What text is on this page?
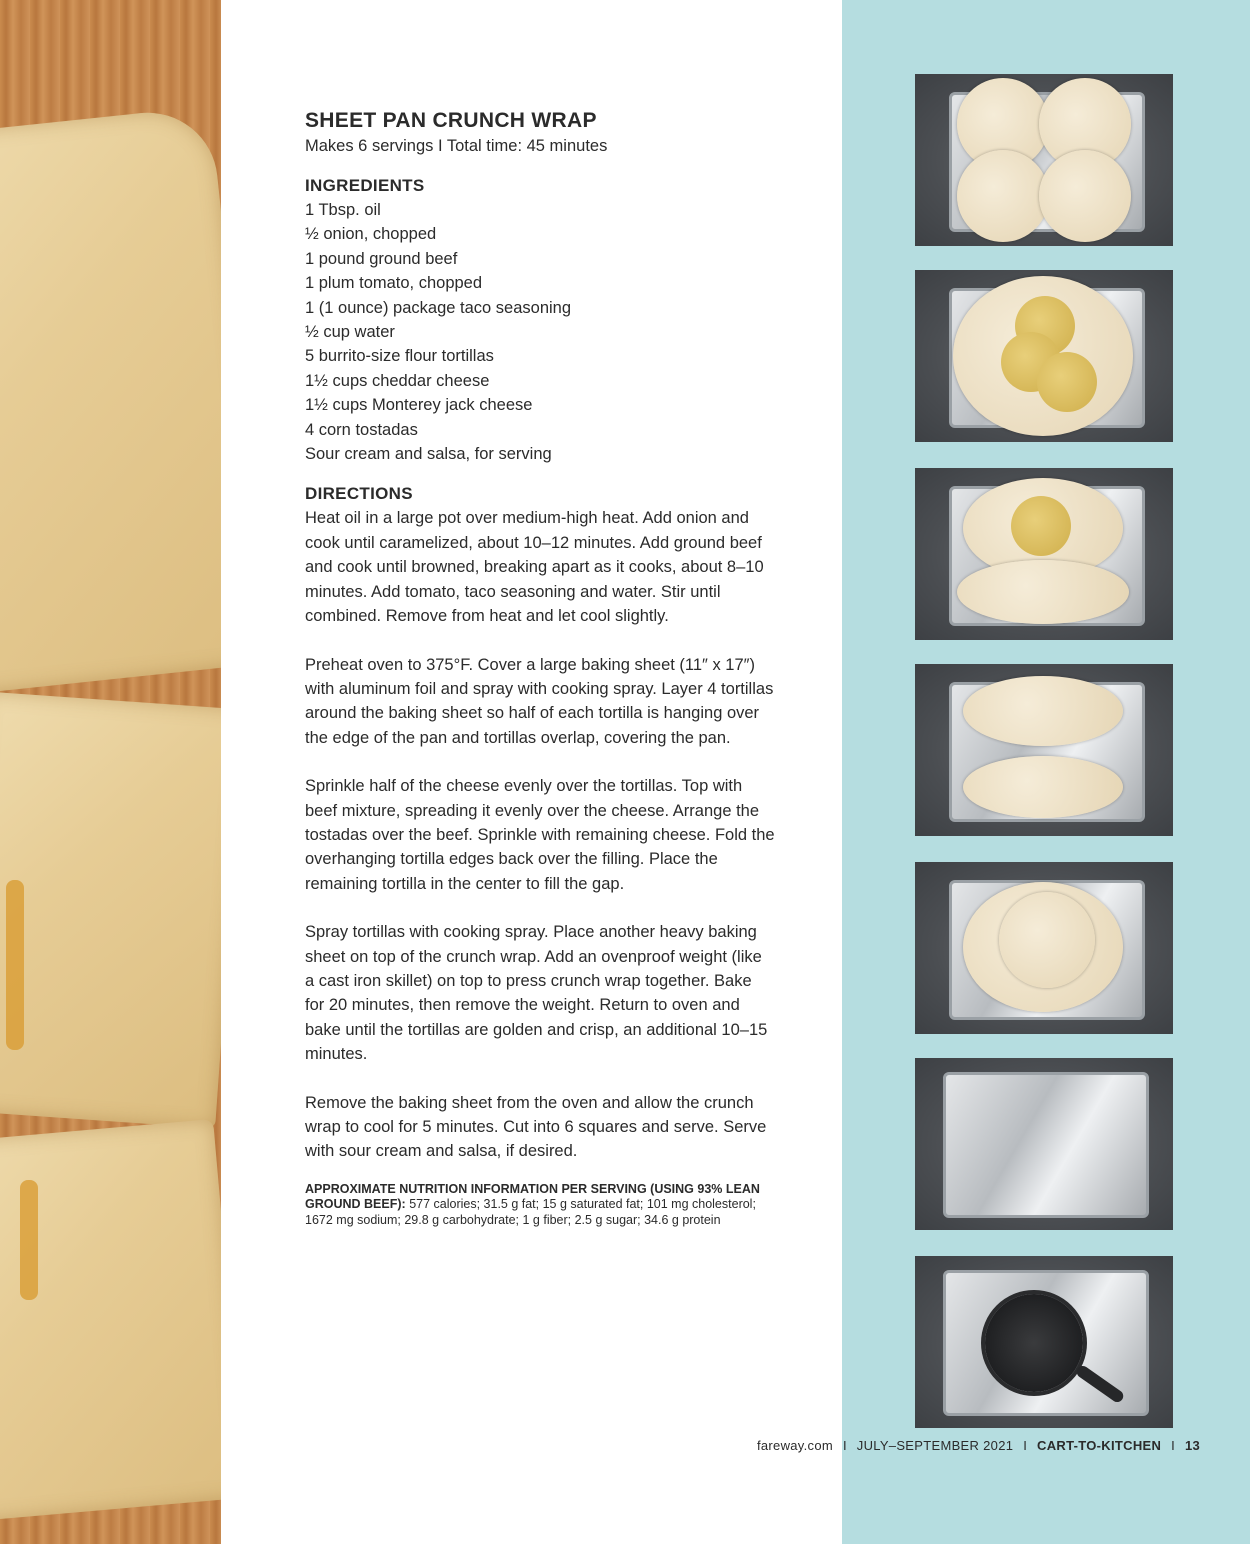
SHEET PAN CRUNCH WRAP

Makes 6 servings I Total time: 45 minutes

INGREDIENTS
1 Tbsp. oil
½ onion, chopped
1 pound ground beef
1 plum tomato, chopped
1 (1 ounce) package taco seasoning
½ cup water
5 burrito-size flour tortillas
1½ cups cheddar cheese
1½ cups Monterey jack cheese
4 corn tostadas
Sour cream and salsa, for serving
DIRECTIONS

Heat oil in a large pot over medium-high heat. Add onion and cook until caramelized, about 10–12 minutes. Add ground beef and cook until browned, breaking apart as it cooks, about 8–10 minutes. Add tomato, taco seasoning and water. Stir until combined. Remove from heat and let cool slightly.

Preheat oven to 375°F. Cover a large baking sheet (11″ x 17″) with aluminum foil and spray with cooking spray. Layer 4 tortillas around the baking sheet so half of each tortilla is hanging over the edge of the pan and tortillas overlap, covering the pan.

Sprinkle half of the cheese evenly over the tortillas. Top with beef mixture, spreading it evenly over the cheese. Arrange the tostadas over the beef. Sprinkle with remaining cheese. Fold the overhanging tortilla edges back over the filling. Place the remaining tortilla in the center to fill the gap.

Spray tortillas with cooking spray. Place another heavy baking sheet on top of the crunch wrap. Add an ovenproof weight (like a cast iron skillet) on top to press crunch wrap together. Bake for 20 minutes, then remove the weight. Return to oven and bake until the tortillas are golden and crisp, an additional 10–15 minutes.

Remove the baking sheet from the oven and allow the crunch wrap to cool for 5 minutes. Cut into 6 squares and serve. Serve with sour cream and salsa, if desired.

APPROXIMATE NUTRITION INFORMATION PER SERVING (USING 93% LEAN GROUND BEEF): 577 calories; 31.5 g fat; 15 g saturated fat; 101 mg cholesterol; 1672 mg sodium; 29.8 g carbohydrate; 1 g fiber; 2.5 g sugar; 34.6 g protein

fareway.com I JULY–SEPTEMBER 2021 I CART-TO-KITCHEN I 13
